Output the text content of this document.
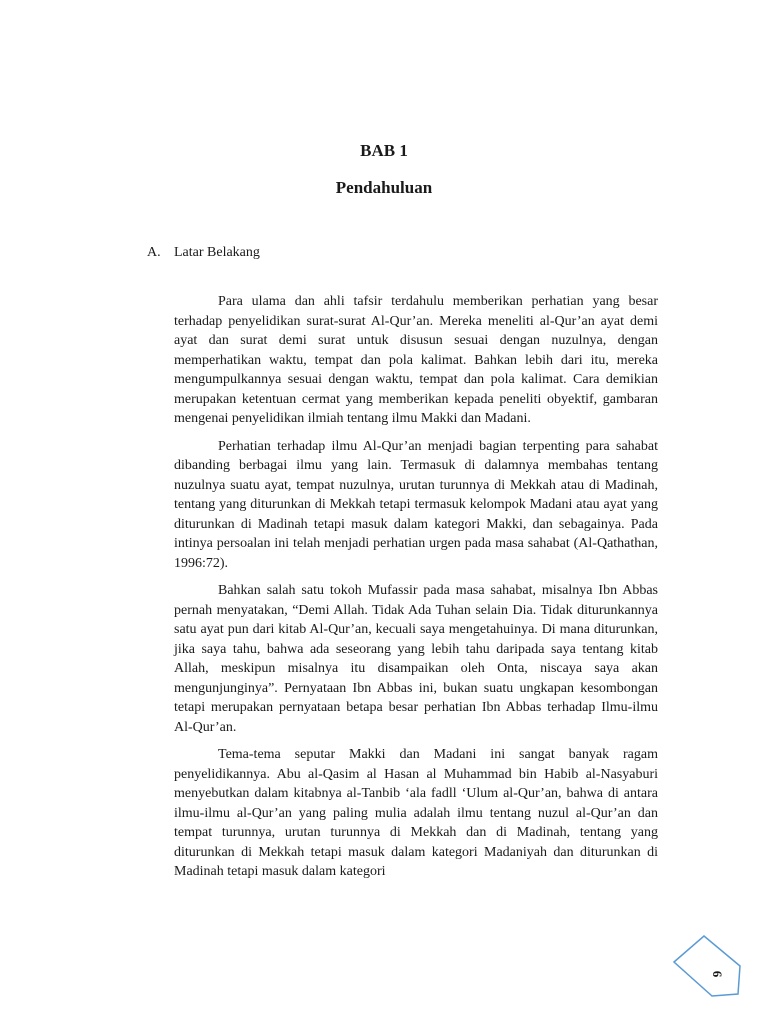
BAB 1
Pendahuluan
A. Latar Belakang

Para ulama dan ahli tafsir terdahulu memberikan perhatian yang besar terhadap penyelidikan surat-surat Al-Qur’an. Mereka meneliti al-Qur’an ayat demi ayat dan surat demi surat untuk disusun sesuai dengan nuzulnya, dengan memperhatikan waktu, tempat dan pola kalimat. Bahkan lebih dari itu, mereka mengumpulkannya sesuai dengan waktu, tempat dan pola kalimat. Cara demikian merupakan ketentuan cermat yang memberikan kepada peneliti obyektif, gambaran mengenai penyelidikan ilmiah tentang ilmu Makki dan Madani.

Perhatian terhadap ilmu Al-Qur’an menjadi bagian terpenting para sahabat dibanding berbagai ilmu yang lain. Termasuk di dalamnya membahas tentang nuzulnya suatu ayat, tempat nuzulnya, urutan turunnya di Mekkah atau di Madinah, tentang yang diturunkan di Mekkah tetapi termasuk kelompok Madani atau ayat yang diturunkan di Madinah tetapi masuk dalam kategori Makki, dan sebagainya. Pada intinya persoalan ini telah menjadi perhatian urgen pada masa sahabat (Al-Qathathan, 1996:72).

Bahkan salah satu tokoh Mufassir pada masa sahabat, misalnya Ibn Abbas pernah menyatakan, “Demi Allah. Tidak Ada Tuhan selain Dia. Tidak diturunkannya satu ayat pun dari kitab Al-Qur’an, kecuali saya mengetahuinya. Di mana diturunkan, jika saya tahu, bahwa ada seseorang yang lebih tahu daripada saya tentang kitab Allah, meskipun misalnya itu disampaikan oleh Onta, niscaya saya akan mengunjunginya”. Pernyataan Ibn Abbas ini, bukan suatu ungkapan kesombongan tetapi merupakan pernyataan betapa besar perhatian Ibn Abbas terhadap Ilmu-ilmu Al-Qur’an.

Tema-tema seputar Makki dan Madani ini sangat banyak ragam penyelidikannya. Abu al-Qasim al Hasan al Muhammad bin Habib al-Nasyaburi menyebutkan dalam kitabnya al-Tanbib ‘ala fadll ‘Ulum al-Qur’an, bahwa di antara ilmu-ilmu al-Qur’an yang paling mulia adalah ilmu tentang nuzul al-Qur’an dan tempat turunnya, urutan turunnya di Mekkah dan di Madinah, tentang yang diturunkan di Mekkah tetapi masuk dalam kategori Madaniyah dan diturunkan di Madinah tetapi masuk dalam kategori

6
